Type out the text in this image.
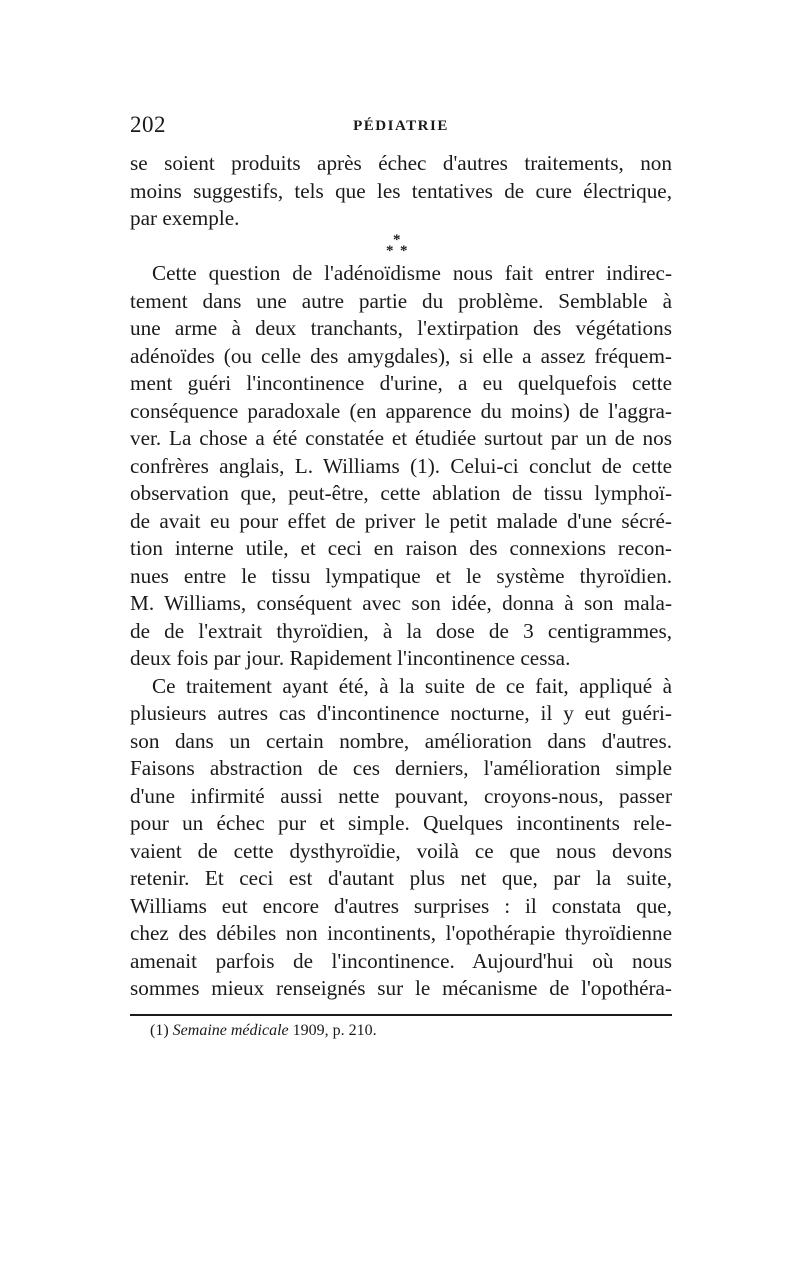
202	PÉDIATRIE
se soient produits après échec d'autres traitements, non
moins suggestifs, tels que les tentatives de cure électrique,
par exemple.
*
* *
Cette question de l'adénoïdisme nous fait entrer indirec-
tement dans une autre partie du problème. Semblable à
une arme à deux tranchants, l'extirpation des végétations
adénoïdes (ou celle des amygdales), si elle a assez fréquem-
ment guéri l'incontinence d'urine, a eu quelquefois cette
conséquence paradoxale (en apparence du moins) de l'aggra-
ver. La chose a été constatée et étudiée surtout par un de nos
confrères anglais, L. Williams (1). Celui-ci conclut de cette
observation que, peut-être, cette ablation de tissu lymphoï-
de avait eu pour effet de priver le petit malade d'une sécré-
tion interne utile, et ceci en raison des connexions recon-
nues entre le tissu lympatique et le système thyroïdien.
M. Williams, conséquent avec son idée, donna à son mala-
de de l'extrait thyroïdien, à la dose de 3 centigrammes,
deux fois par jour. Rapidement l'incontinence cessa.
Ce traitement ayant été, à la suite de ce fait, appliqué à
plusieurs autres cas d'incontinence nocturne, il y eut guéri-
son dans un certain nombre, amélioration dans d'autres.
Faisons abstraction de ces derniers, l'amélioration simple
d'une infirmité aussi nette pouvant, croyons-nous, passer
pour un échec pur et simple. Quelques incontinents rele-
vaient de cette dysthyroïdie, voilà ce que nous devons
retenir. Et ceci est d'autant plus net que, par la suite,
Williams eut encore d'autres surprises : il constata que,
chez des débiles non incontinents, l'opothérapie thyroïdienne
amenait parfois de l'incontinence. Aujourd'hui où nous
sommes mieux renseignés sur le mécanisme de l'opothéra-
(1) Semaine médicale 1909, p. 210.
